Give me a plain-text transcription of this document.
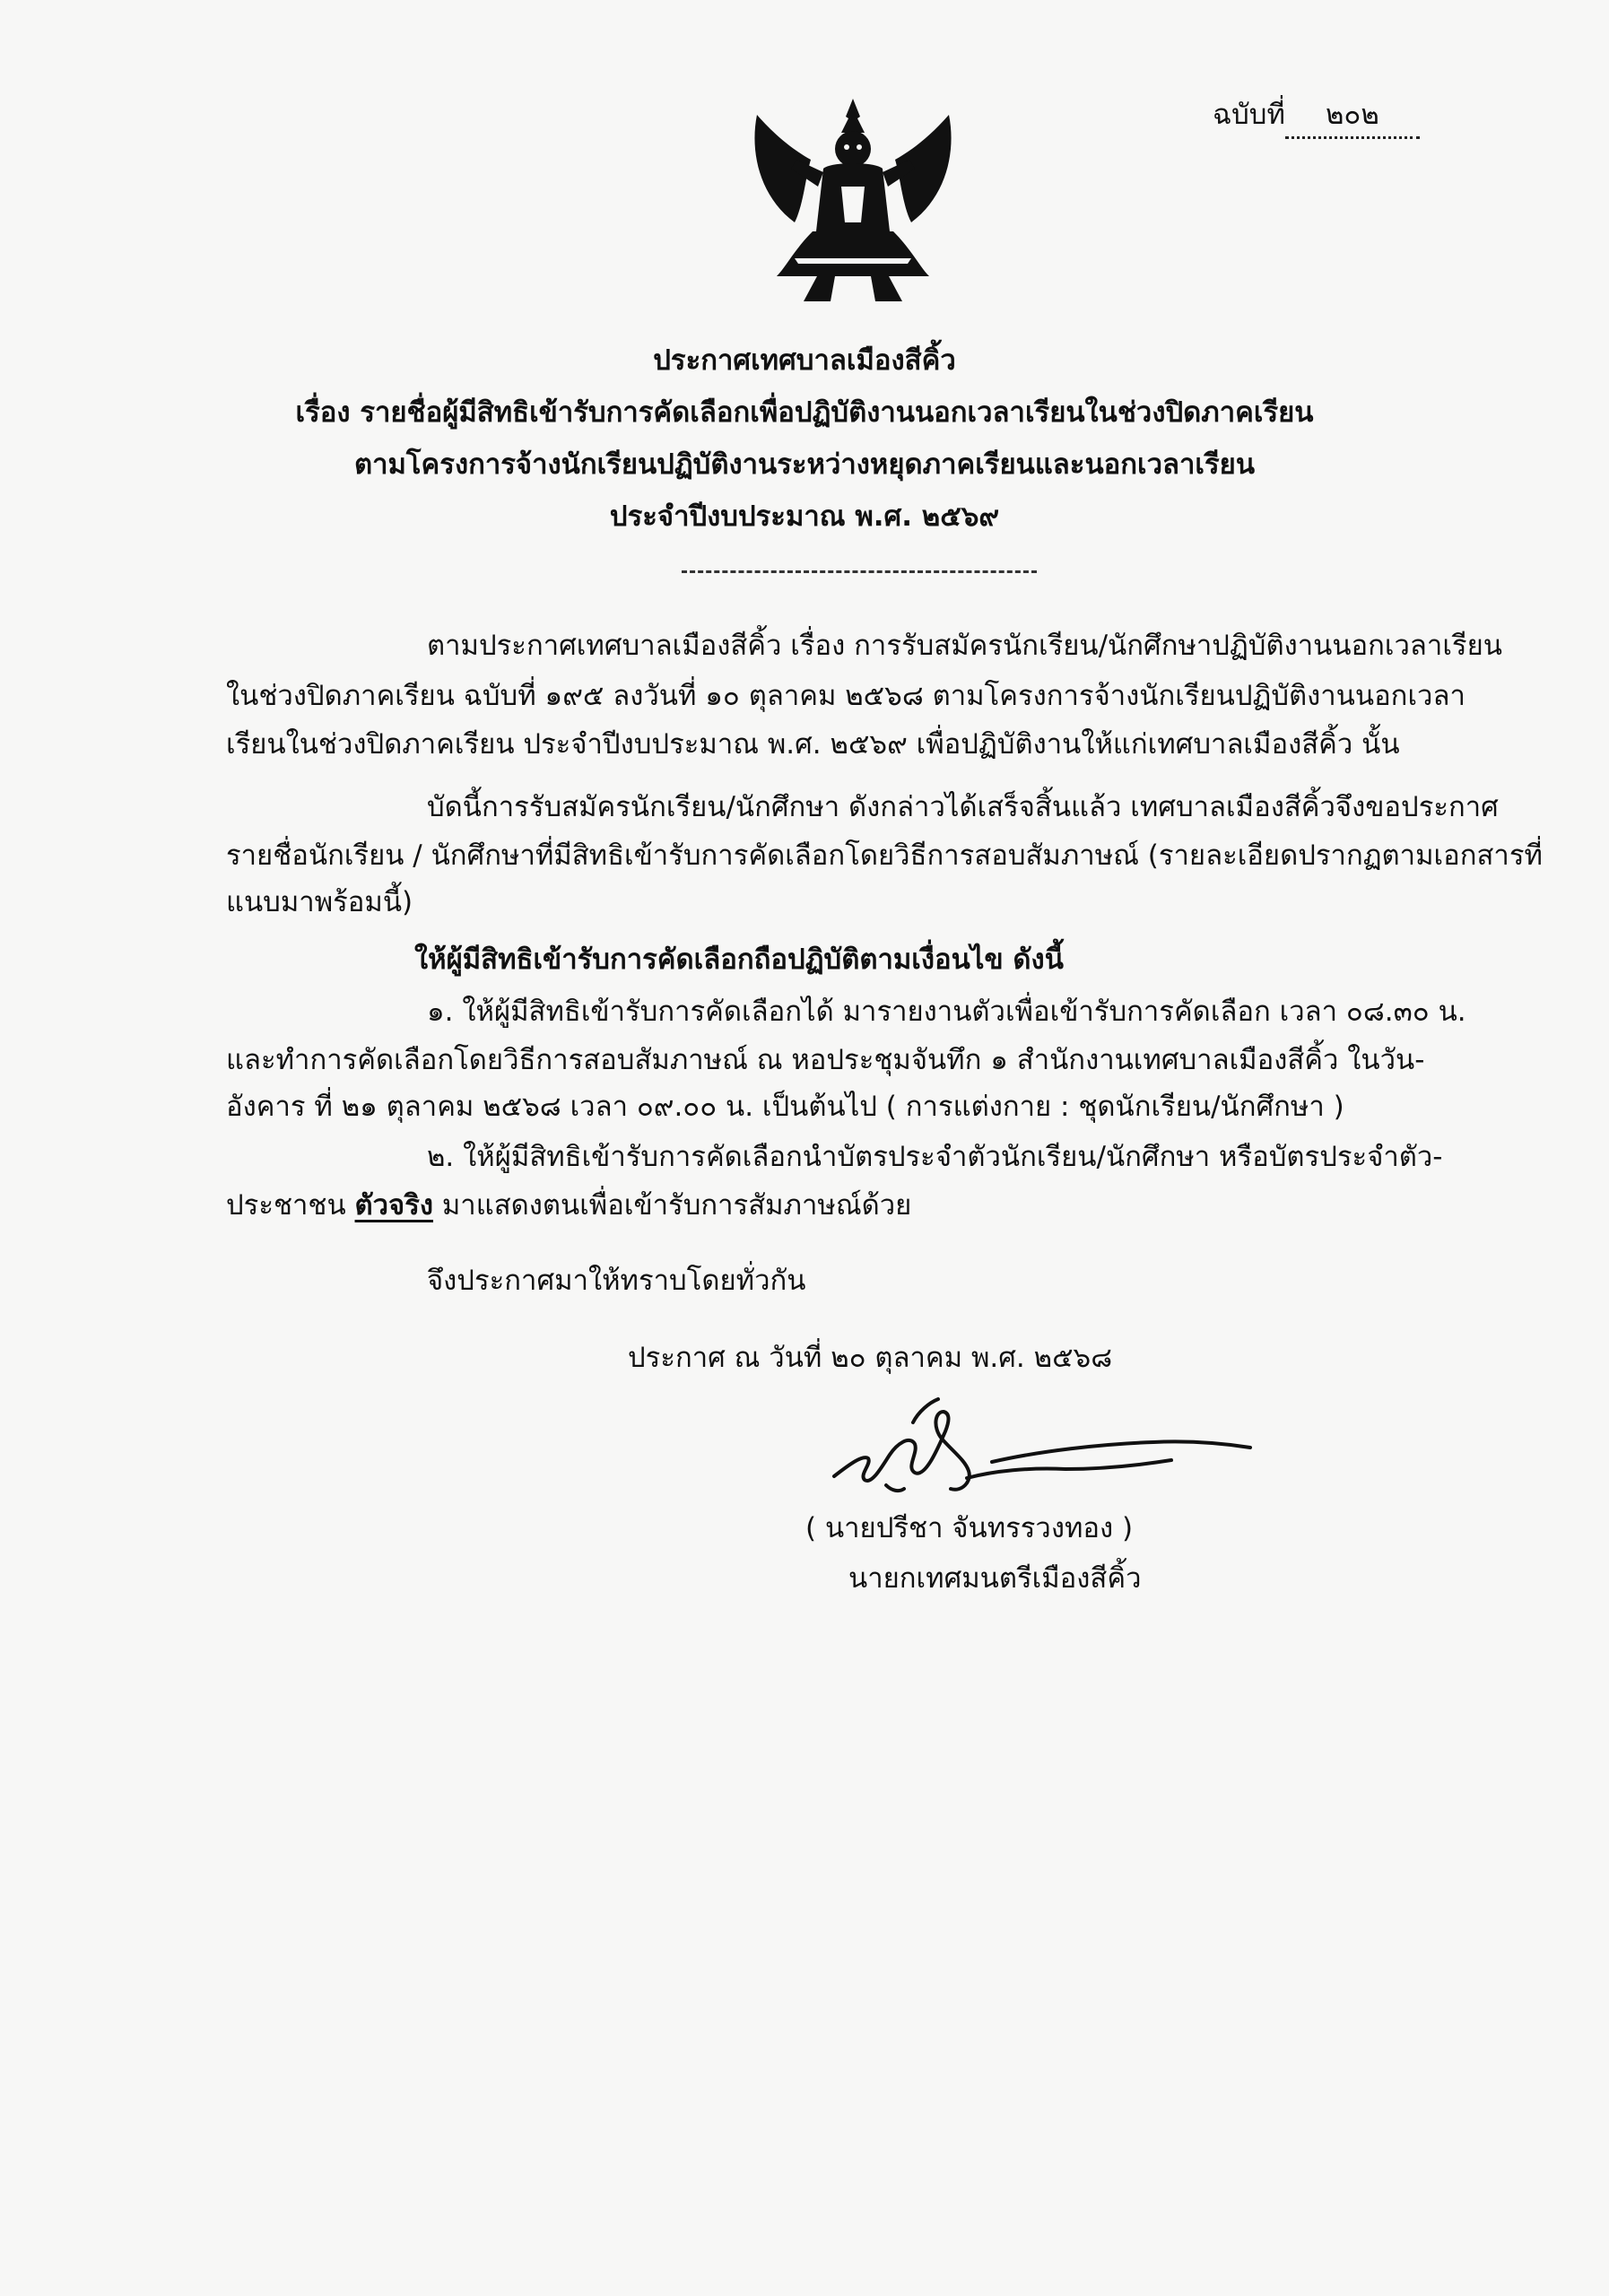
ฉบับที่ ๒๐๒
ประกาศเทศบาลเมืองสีคิ้ว
เรื่อง รายชื่อผู้มีสิทธิเข้ารับการคัดเลือกเพื่อปฏิบัติงานนอกเวลาเรียนในช่วงปิดภาคเรียน
ตามโครงการจ้างนักเรียนปฏิบัติงานระหว่างหยุดภาคเรียนและนอกเวลาเรียน
ประจำปีงบประมาณ พ.ศ. ๒๕๖๙
ตามประกาศเทศบาลเมืองสีคิ้ว เรื่อง การรับสมัครนักเรียน/นักศึกษาปฏิบัติงานนอกเวลาเรียน
ในช่วงปิดภาคเรียน ฉบับที่ ๑๙๕ ลงวันที่ ๑๐ ตุลาคม ๒๕๖๘ ตามโครงการจ้างนักเรียนปฏิบัติงานนอกเวลา
เรียนในช่วงปิดภาคเรียน ประจำปีงบประมาณ พ.ศ. ๒๕๖๙ เพื่อปฏิบัติงานให้แก่เทศบาลเมืองสีคิ้ว นั้น
บัดนี้การรับสมัครนักเรียน/นักศึกษา ดังกล่าวได้เสร็จสิ้นแล้ว เทศบาลเมืองสีคิ้วจึงขอประกาศ
รายชื่อนักเรียน / นักศึกษาที่มีสิทธิเข้ารับการคัดเลือกโดยวิธีการสอบสัมภาษณ์ (รายละเอียดปรากฏตามเอกสารที่
แนบมาพร้อมนี้)
ให้ผู้มีสิทธิเข้ารับการคัดเลือกถือปฏิบัติตามเงื่อนไข ดังนี้
๑. ให้ผู้มีสิทธิเข้ารับการคัดเลือกได้ มารายงานตัวเพื่อเข้ารับการคัดเลือก เวลา ๐๘.๓๐ น.
และทำการคัดเลือกโดยวิธีการสอบสัมภาษณ์ ณ หอประชุมจันทึก ๑ สำนักงานเทศบาลเมืองสีคิ้ว ในวัน-
อังคาร ที่ ๒๑ ตุลาคม ๒๕๖๘ เวลา ๐๙.๐๐ น. เป็นต้นไป ( การแต่งกาย : ชุดนักเรียน/นักศึกษา )
๒. ให้ผู้มีสิทธิเข้ารับการคัดเลือกนำบัตรประจำตัวนักเรียน/นักศึกษา หรือบัตรประจำตัว-
ประชาชน ตัวจริง มาแสดงตนเพื่อเข้ารับการสัมภาษณ์ด้วย
จึงประกาศมาให้ทราบโดยทั่วกัน
ประกาศ ณ วันที่ ๒๐ ตุลาคม พ.ศ. ๒๕๖๘
( นายปรีชา จันทรรวงทอง )
นายกเทศมนตรีเมืองสีคิ้ว
